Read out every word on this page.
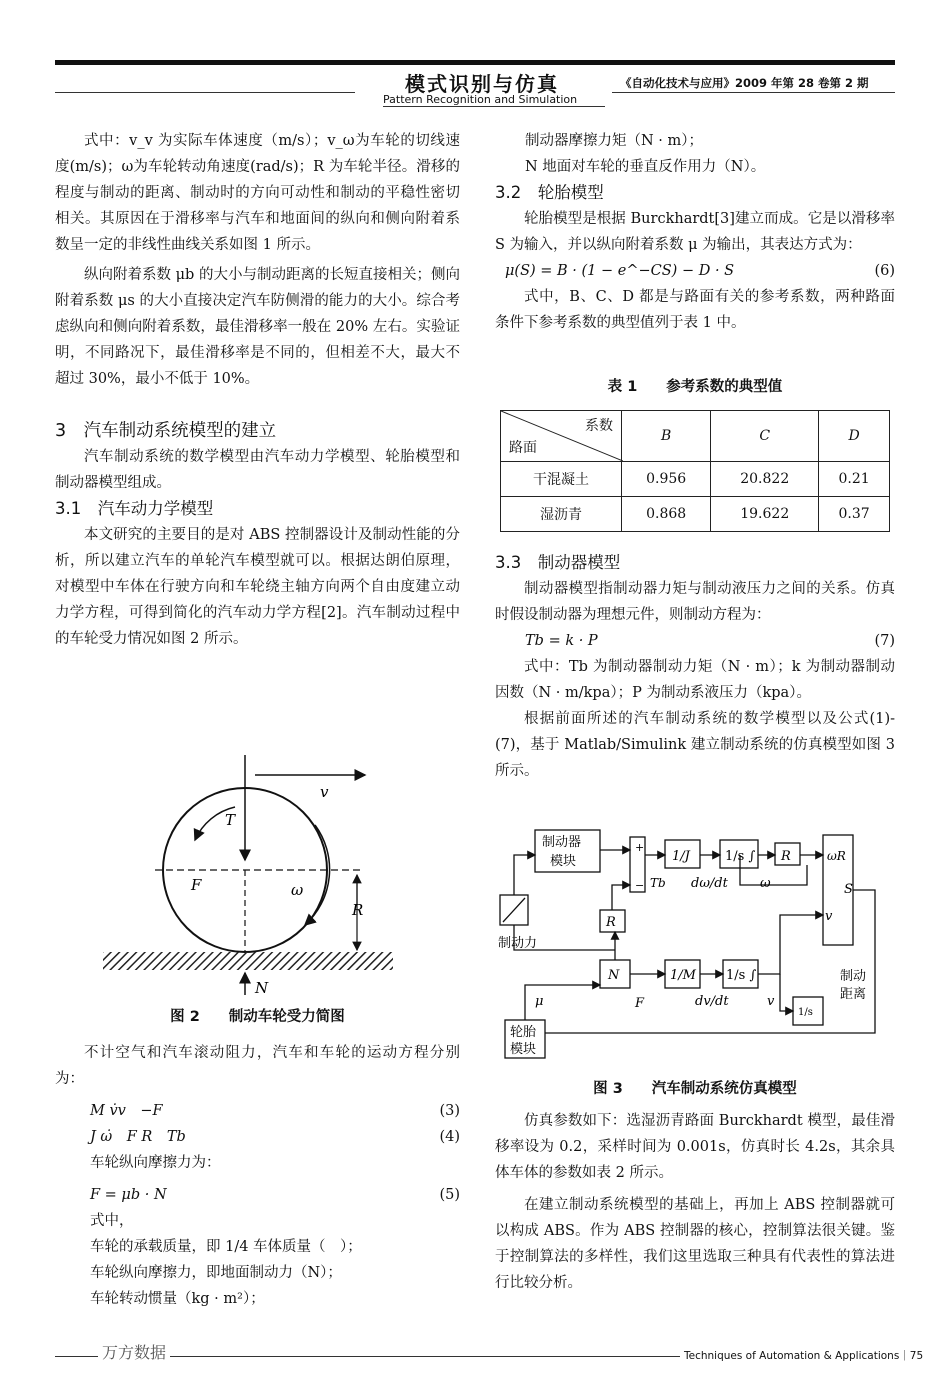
模式识别与仿真
Pattern Recognition and Simulation
《自动化技术与应用》2009 年第 28 卷第 2 期

式中：v_v 为实际车体速度（m/s）；v_ω为车轮的切线速度(m/s)；ω为车轮转动角速度(rad/s)；R 为车轮半径。滑移的程度与制动的距离、制动时的方向可动性和制动的平稳性密切相关。其原因在于滑移率与汽车和地面间的纵向和侧向附着系数呈一定的非线性曲线关系如图 1 所示。

纵向附着系数 μb 的大小与制动距离的长短直接相关；侧向附着系数 μs 的大小直接决定汽车防侧滑的能力的大小。综合考虑纵向和侧向附着系数，最佳滑移率一般在 20% 左右。实验证明，不同路况下，最佳滑移率是不同的，但相差不大，最大不超过 30%，最小不低于 10%。

3　汽车制动系统模型的建立

汽车制动系统的数学模型由汽车动力学模型、轮胎模型和制动器模型组成。

3.1　汽车动力学模型

本文研究的主要目的是对 ABS 控制器设计及制动性能的分析，所以建立汽车的单轮汽车模型就可以。根据达朗伯原理，对模型中车体在行驶方向和车轮绕主轴方向两个自由度建立动力学方程，可得到简化的汽车动力学方程[2]。汽车制动过程中的车轮受力情况如图 2 所示。

v
T
F	ω
R
N
图 2　　制动车轮受力简图

不计空气和汽车滚动阻力，汽车和车轮的运动方程分别为：

M v̇v　−F	(3)
J ω̇　F R　Tb	(4)

车轮纵向摩擦力为：

F = μb · N	(5)

式中，

车轮的承载质量，即 1/4 车体质量（　）；

车轮纵向摩擦力，即地面制动力（N）；

车轮转动惯量（kg · m²）；

制动器摩擦力矩（N · m）；

N 地面对车轮的垂直反作用力（N）。

3.2　轮胎模型

轮胎模型是根据 Burckhardt[3]建立而成。它是以滑移率 S 为输入，并以纵向附着系数 μ 为输出，其表达方式为：

μ(S) = B · (1 − e^−CS) − D · S	(6)

式中，B、C、D 都是与路面有关的参考系数，两种路面条件下参考系数的典型值列于表 1 中。

表 1　　参考系数的典型值
系数
路面	B	C	D
干混凝土	0.956	20.822	0.21
湿沥青	0.868	19.622	0.37

3.3　制动器模型

制动器模型指制动器力矩与制动液压力之间的关系。仿真时假设制动器为理想元件，则制动方程为：

Tb = k · P	(7)

式中：Tb 为制动器制动力矩（N · m）；k 为制动器制动因数（N · m/kpa）；P 为制动系液压力（kpa）。

根据前面所述的汽车制动系统的数学模型以及公式(1)-(7)，基于 Matlab/Simulink 建立制动系统的仿真模型如图 3 所示。

制动器
模块
制动力
+
−
1/J	1/s ∫ R	ωR
S
v
Tb dω/dt ω
R
N	1/M 1/s ∫
dv/dt	v
F
μ
1/s
制动
距离
轮胎
模块
图 3　　汽车制动系统仿真模型

仿真参数如下：选湿沥青路面 Burckhardt 模型，最佳滑移率设为 0.2，采样时间为 0.001s，仿真时长 4.2s，其余具体车体的参数如表 2 所示。

在建立制动系统模型的基础上，再加上 ABS 控制器就可以构成 ABS。作为 ABS 控制器的核心，控制算法很关键。鉴于控制算法的多样性，我们这里选取三种具有代表性的算法进行比较分析。

万方数据	Techniques of Automation & Applications｜75
